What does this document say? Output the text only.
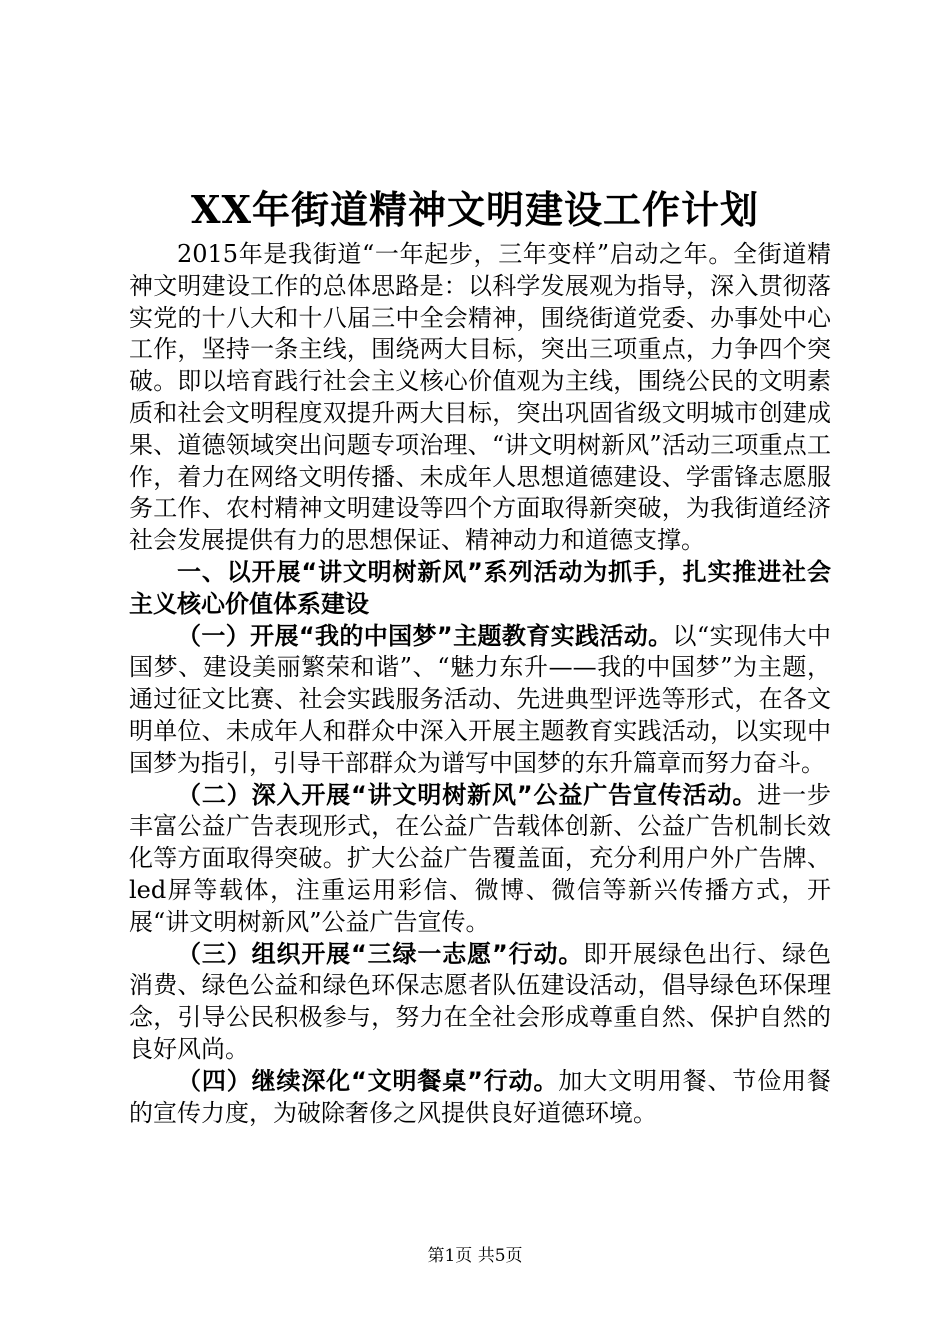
XX年街道精神文明建设工作计划

2015年是我街道“一年起步，三年变样”启动之年。全街道精神文明建设工作的总体思路是：以科学发展观为指导，深入贯彻落实党的十八大和十八届三中全会精神，围绕街道党委、办事处中心工作，坚持一条主线，围绕两大目标，突出三项重点，力争四个突破。即以培育践行社会主义核心价值观为主线，围绕公民的文明素质和社会文明程度双提升两大目标，突出巩固省级文明城市创建成果、道德领域突出问题专项治理、“讲文明树新风”活动三项重点工作，着力在网络文明传播、未成年人思想道德建设、学雷锋志愿服务工作、农村精神文明建设等四个方面取得新突破，为我街道经济社会发展提供有力的思想保证、精神动力和道德支撑。

一、以开展“讲文明树新风”系列活动为抓手，扎实推进社会主义核心价值体系建设

（一）开展“我的中国梦”主题教育实践活动。以“实现伟大中国梦、建设美丽繁荣和谐”、“魅力东升——我的中国梦”为主题，通过征文比赛、社会实践服务活动、先进典型评选等形式，在各文明单位、未成年人和群众中深入开展主题教育实践活动，以实现中国梦为指引，引导干部群众为谱写中国梦的东升篇章而努力奋斗。

（二）深入开展“讲文明树新风”公益广告宣传活动。进一步丰富公益广告表现形式，在公益广告载体创新、公益广告机制长效化等方面取得突破。扩大公益广告覆盖面，充分利用户外广告牌、led屏等载体，注重运用彩信、微博、微信等新兴传播方式，开展“讲文明树新风”公益广告宣传。

（三）组织开展“三绿一志愿”行动。即开展绿色出行、绿色消费、绿色公益和绿色环保志愿者队伍建设活动，倡导绿色环保理念，引导公民积极参与，努力在全社会形成尊重自然、保护自然的良好风尚。

（四）继续深化“文明餐桌”行动。加大文明用餐、节俭用餐的宣传力度，为破除奢侈之风提供良好道德环境。

第1页 共5页
